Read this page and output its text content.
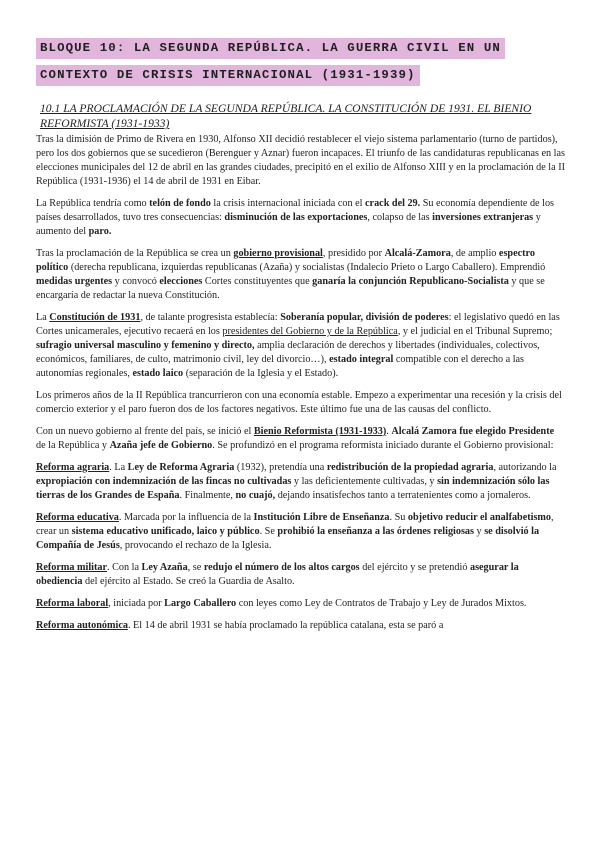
BLOQUE 10: LA SEGUNDA REPÚBLICA. LA GUERRA CIVIL EN UN
CONTEXTO DE CRISIS INTERNACIONAL (1931-1939)
10.1 LA PROCLAMACIÓN DE LA SEGUNDA REPÚBLICA. LA CONSTITUCIÓN DE 1931. EL BIENIO REFORMISTA (1931-1933)

Tras la dimisión de Primo de Rivera en 1930, Alfonso XII decidió restablecer el viejo sistema parlamentario (turno de partidos), pero los dos gobiernos que se sucedieron (Berenguer y Aznar) fueron incapaces. El triunfo de las candidaturas republicanas en las elecciones municipales del 12 de abril en las grandes ciudades, precipitó en el exilio de Alfonso XIII y en la proclamación de la II República (1931-1936) el 14 de abril de 1931 en Eibar.

La República tendría como telón de fondo la crisis internacional iniciada con el crack del 29. Su economía dependiente de los países desarrollados, tuvo tres consecuencias: disminución de las exportaciones, colapso de las inversiones extranjeras y aumento del paro.

Tras la proclamación de la República se crea un gobierno provisional, presidido por Alcalá-Zamora, de amplio espectro político (derecha republicana, izquierdas republicanas (Azaña) y socialistas (Indalecio Prieto o Largo Caballero). Emprendió medidas urgentes y convocó elecciones Cortes constituyentes que ganaría la conjunción Republicano-Socialista y que se encargaría de redactar la nueva Constitución.

La Constitución de 1931, de talante progresista establecía: Soberanía popular, división de poderes: el legislativo quedó en las Cortes unicamerales, ejecutivo recaerá en los presidentes del Gobierno y de la República, y el judicial en el Tribunal Supremo; sufragio universal masculino y femenino y directo, amplia declaración de derechos y libertades (individuales, colectivos, económicos, familiares, de culto, matrimonio civil, ley del divorcio…), estado integral compatible con el derecho a las autonomías regionales, estado laico (separación de la Iglesia y el Estado).

Los primeros años de la II República trancurrieron con una economía estable. Empezo a experimentar una recesión y la crisis del comercio exterior y el paro fueron dos de los factores negativos. Este último fue una de las causas del conflicto.

Con un nuevo gobierno al frente del país, se inició el Bienio Reformista (1931-1933). Alcalá Zamora fue elegido Presidente de la República y Azaña jefe de Gobierno. Se profundizó en el programa reformista iniciado durante el Gobierno provisional:

Reforma agraria. La Ley de Reforma Agraria (1932), pretendía una redistribución de la propiedad agraria, autorizando la expropiación con indemnización de las fincas no cultivadas y las deficientemente cultivadas, y sin indemnización sólo las tierras de los Grandes de España. Finalmente, no cuajó, dejando insatisfechos tanto a terratenientes como a jornaleros.

Reforma educativa. Marcada por la influencia de la Institución Libre de Enseñanza. Su objetivo reducir el analfabetismo, crear un sistema educativo unificado, laico y público. Se prohibió la enseñanza a las órdenes religiosas y se disolvió la Compañía de Jesús, provocando el rechazo de la Iglesia.

Reforma militar. Con la Ley Azaña, se redujo el número de los altos cargos del ejército y se pretendió asegurar la obediencia del ejército al Estado. Se creó la Guardia de Asalto.

Reforma laboral, iniciada por Largo Caballero con leyes como Ley de Contratos de Trabajo y Ley de Jurados Mixtos.

Reforma autonómica. El 14 de abril 1931 se había proclamado la república catalana, esta se paró a
